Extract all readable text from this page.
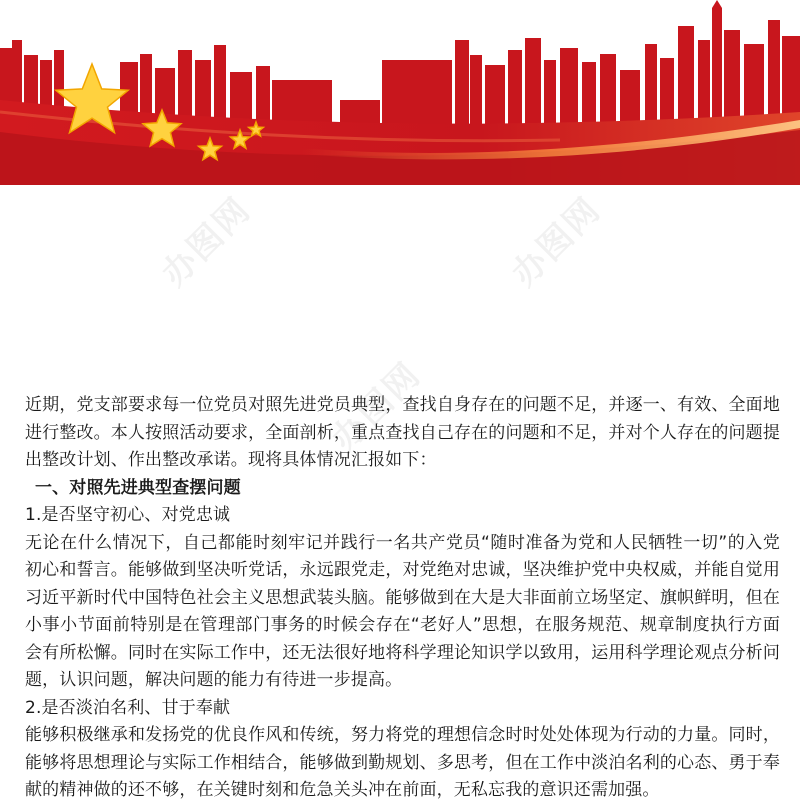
办图网	办图网
办图网

近期，党支部要求每一位党员对照先进党员典型，查找自身存在的问题不足，并逐一、有效、全面地进行整改。本人按照活动要求，全面剖析，重点查找自己存在的问题和不足，并对个人存在的问题提出整改计划、作出整改承诺。现将具体情况汇报如下：

一、对照先进典型查摆问题

1.是否坚守初心、对党忠诚

无论在什么情况下，自己都能时刻牢记并践行一名共产党员“随时准备为党和人民牺牲一切”的入党初心和誓言。能够做到坚决听党话，永远跟党走，对党绝对忠诚，坚决维护党中央权威，并能自觉用习近平新时代中国特色社会主义思想武装头脑。能够做到在大是大非面前立场坚定、旗帜鲜明，但在小事小节面前特别是在管理部门事务的时候会存在“老好人”思想，在服务规范、规章制度执行方面会有所松懈。同时在实际工作中，还无法很好地将科学理论知识学以致用，运用科学理论观点分析问题，认识问题，解决问题的能力有待进一步提高。

2.是否淡泊名利、甘于奉献

能够积极继承和发扬党的优良作风和传统，努力将党的理想信念时时处处体现为行动的力量。同时，能够将思想理论与实际工作相结合，能够做到勤规划、多思考，但在工作中淡泊名利的心态、勇于奉献的精神做的还不够，在关键时刻和危急关头冲在前面，无私忘我的意识还需加强。
